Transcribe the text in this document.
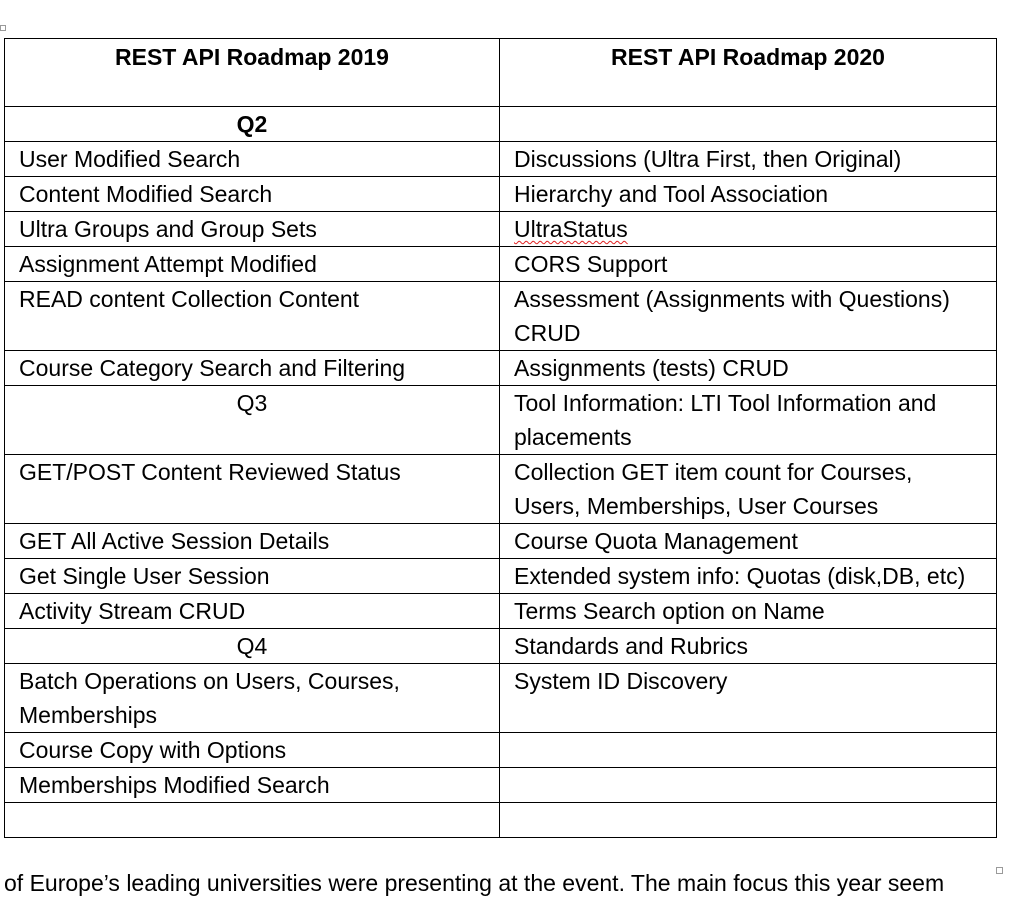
REST API Roadmap 2019	REST API Roadmap 2020
Q2	
User Modified Search	Discussions (Ultra First, then Original)
Content Modified Search	Hierarchy and Tool Association
Ultra Groups and Group Sets	UltraStatus
Assignment Attempt Modified	CORS Support
READ content Collection Content	Assessment (Assignments with Questions) CRUD
Course Category Search and Filtering	Assignments (tests) CRUD
Q3	Tool Information: LTI Tool Information and placements
GET/POST Content Reviewed Status	Collection GET item count for Courses, Users, Memberships, User Courses
GET All Active Session Details	Course Quota Management
Get Single User Session	Extended system info: Quotas (disk,DB, etc)
Activity Stream CRUD	Terms Search option on Name
Q4	Standards and Rubrics
Batch Operations on Users, Courses, Memberships	System ID Discovery
Course Copy with Options	
Memberships Modified Search	

of Europe’s leading universities were presenting at the event. The main focus this year seem
